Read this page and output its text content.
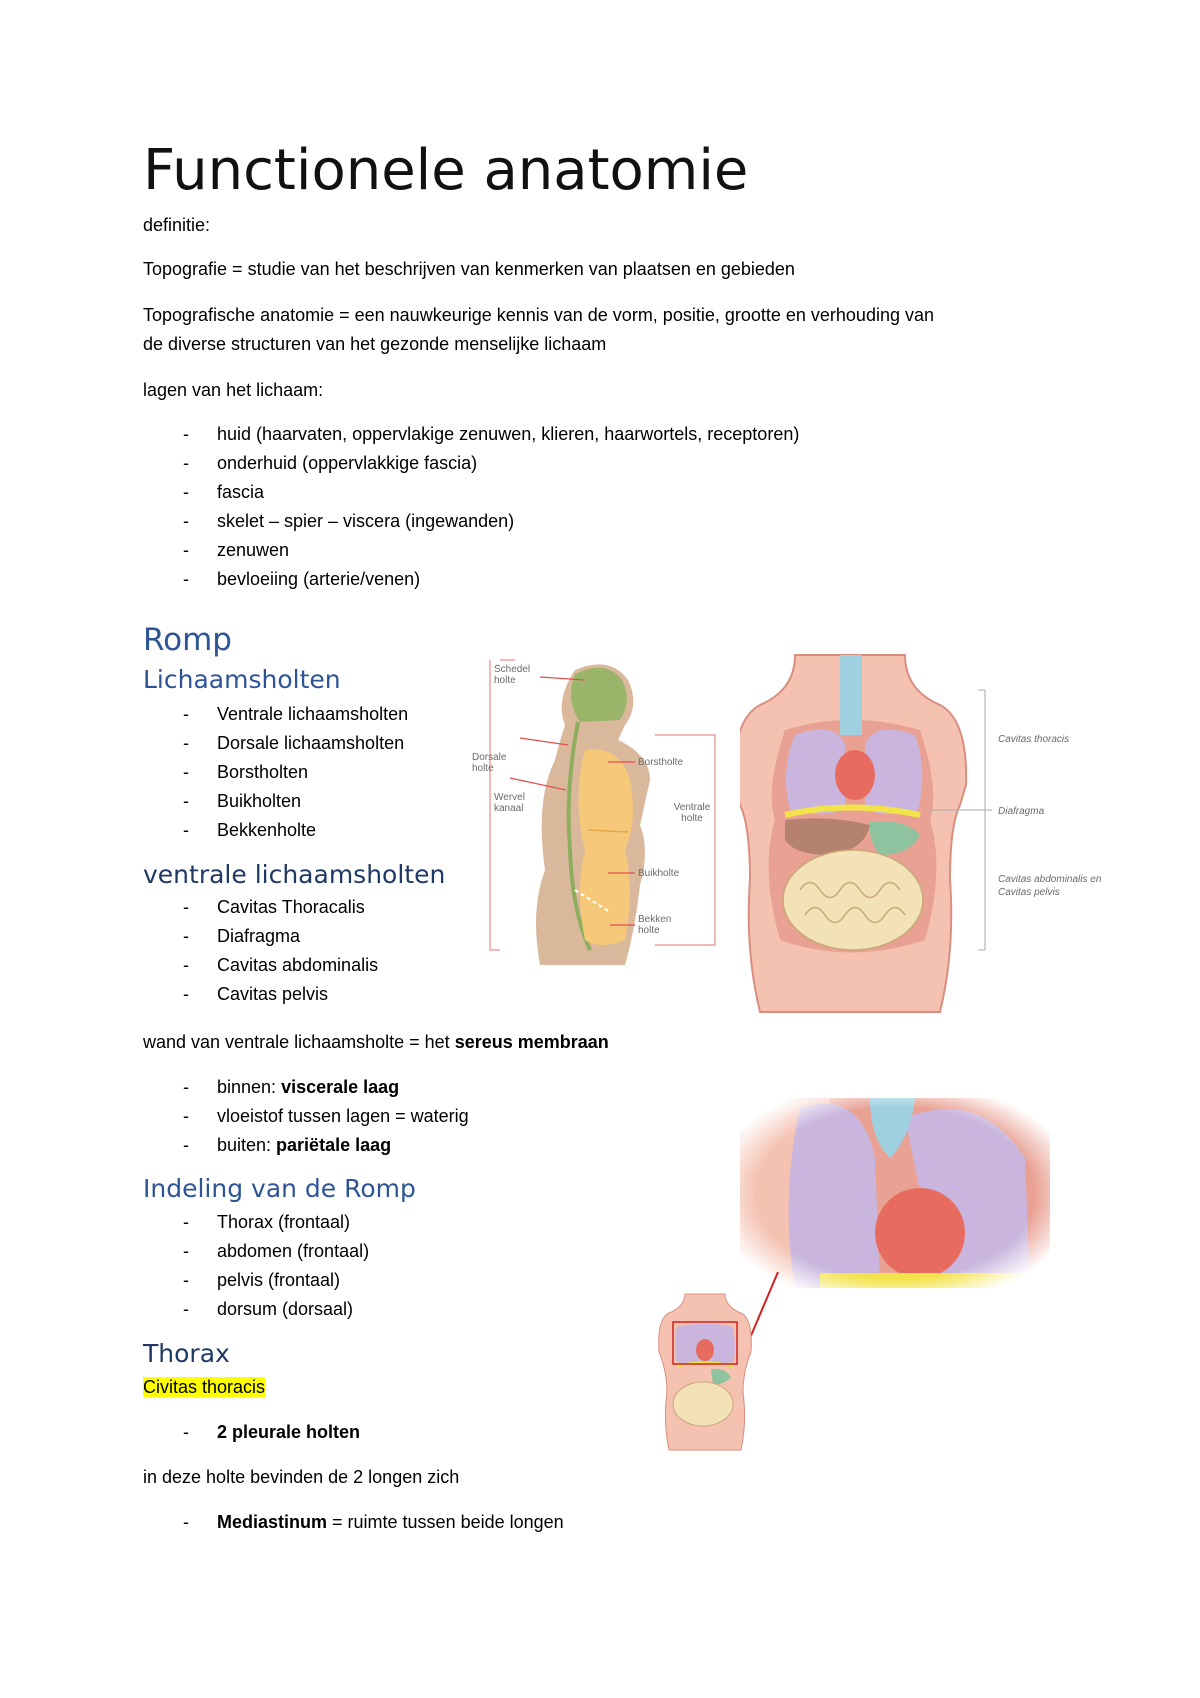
Functionele anatomie

definitie:

Topografie = studie van het beschrijven van kenmerken van plaatsen en gebieden

Topografische anatomie = een nauwkeurige kennis van de vorm, positie, grootte en verhouding van

de diverse structuren van het gezonde menselijke lichaam

lagen van het lichaam:

- huid (haarvaten, oppervlakige zenuwen, klieren, haarwortels, receptoren)
- onderhuid (oppervlakkige fascia)
- fascia
- skelet – spier – viscera (ingewanden)
- zenuwen
- bevloeiing (arterie/venen)
Romp
Lichaamsholten
- Ventrale lichaamsholten
- Dorsale lichaamsholten
- Borstholten
- Buikholten
- Bekkenholte
ventrale lichaamsholten
- Cavitas Thoracalis
- Diafragma
- Cavitas abdominalis
- Cavitas pelvis

wand van ventrale lichaamsholte = het sereus membraan

- binnen: viscerale laag
- vloeistof tussen lagen = waterig
- buiten: pariëtale laag
Indeling van de Romp
- Thorax (frontaal)
- abdomen (frontaal)
- pelvis (frontaal)
- dorsum (dorsaal)
Thorax

Civitas thoracis

- 2 pleurale holten

in deze holte bevinden de 2 longen zich

- Mediastinum = ruimte tussen beide longen
Schedel
holte
Dorsale
holte
Wervel
kanaal
Borstholte
Ventrale
holte
Buikholte
Bekken
holte
Cavitas thoracis
Diafragma
Cavitas abdominalis en
Cavitas pelvis
